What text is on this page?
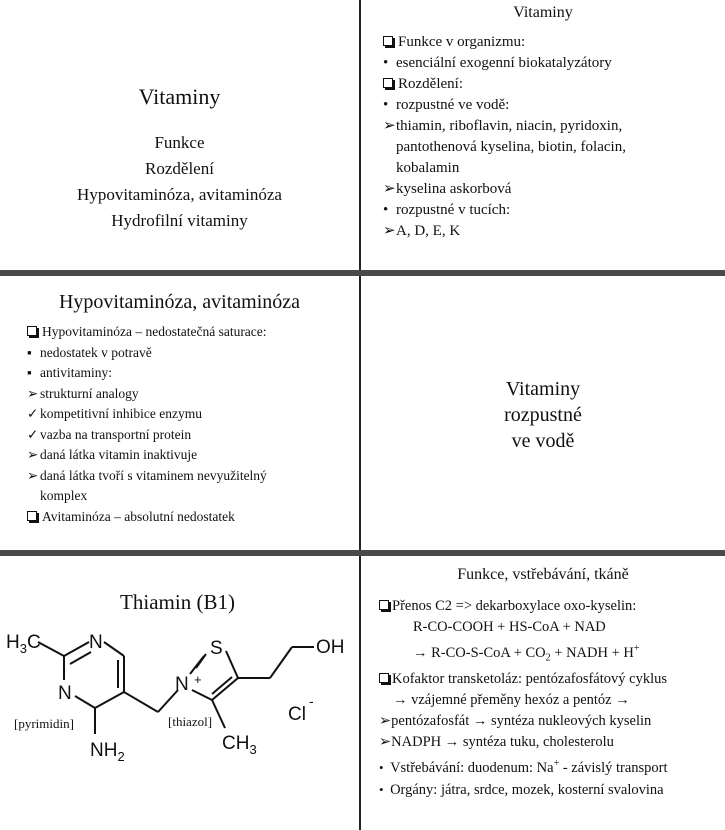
Vitaminy
Funkce
Rozdělení
Hypovitaminóza, avitaminóza
Hydrofilní vitaminy
Vitaminy
Funkce v organizmu:
• esenciální exogenní biokatalyzátory
Rozdělení:
• rozpustné ve vodě:
➢ thiamin, riboflavin, niacin, pyridoxin, pantothenová kyselina, biotin, folacin, kobalamin
➢ kyselina askorbová
• rozpustné v tucích:
➢ A, D, E, K
Hypovitaminóza, avitaminóza
Hypovitaminóza – nedostatečná saturace:
▪ nedostatek v potravě
▪ antivitaminy:
➢ strukturní analogy
✓ kompetitivní inhibice enzymu
✓ vazba na transportní protein
➢ daná látka vitamin inaktivuje
➢ daná látka tvoří s vitaminem nevyužitelný komplex
Avitaminóza – absolutní nedostatek
Vitaminy
rozpustné
ve vodě
Thiamin (B1)
$H_3C$	N
N
$NH_2$
S
N +
$CH_3$
OH
Cl
-
[pyrimidin]	[thiazol]
Funkce, vstřebávání, tkáně
Přenos C2 => dekarboxylace oxo-kyselin:
R-CO-COOH + HS-CoA + NAD
→ $R-CO-S-CoA + CO_2$ + NADH + H+
Kofaktor transketoláz: pentózafosfátový cyklus
→ vzájemné přeměny hexóz a pentóz →
➢pentózafosfát → syntéza nukleových kyselin
➢NADPH → syntéza tuku, cholesterolu
•  Vstřebávání: duodenum: Na+ - závislý transport
•  Orgány: játra, srdce, mozek, kosterní svalovina
